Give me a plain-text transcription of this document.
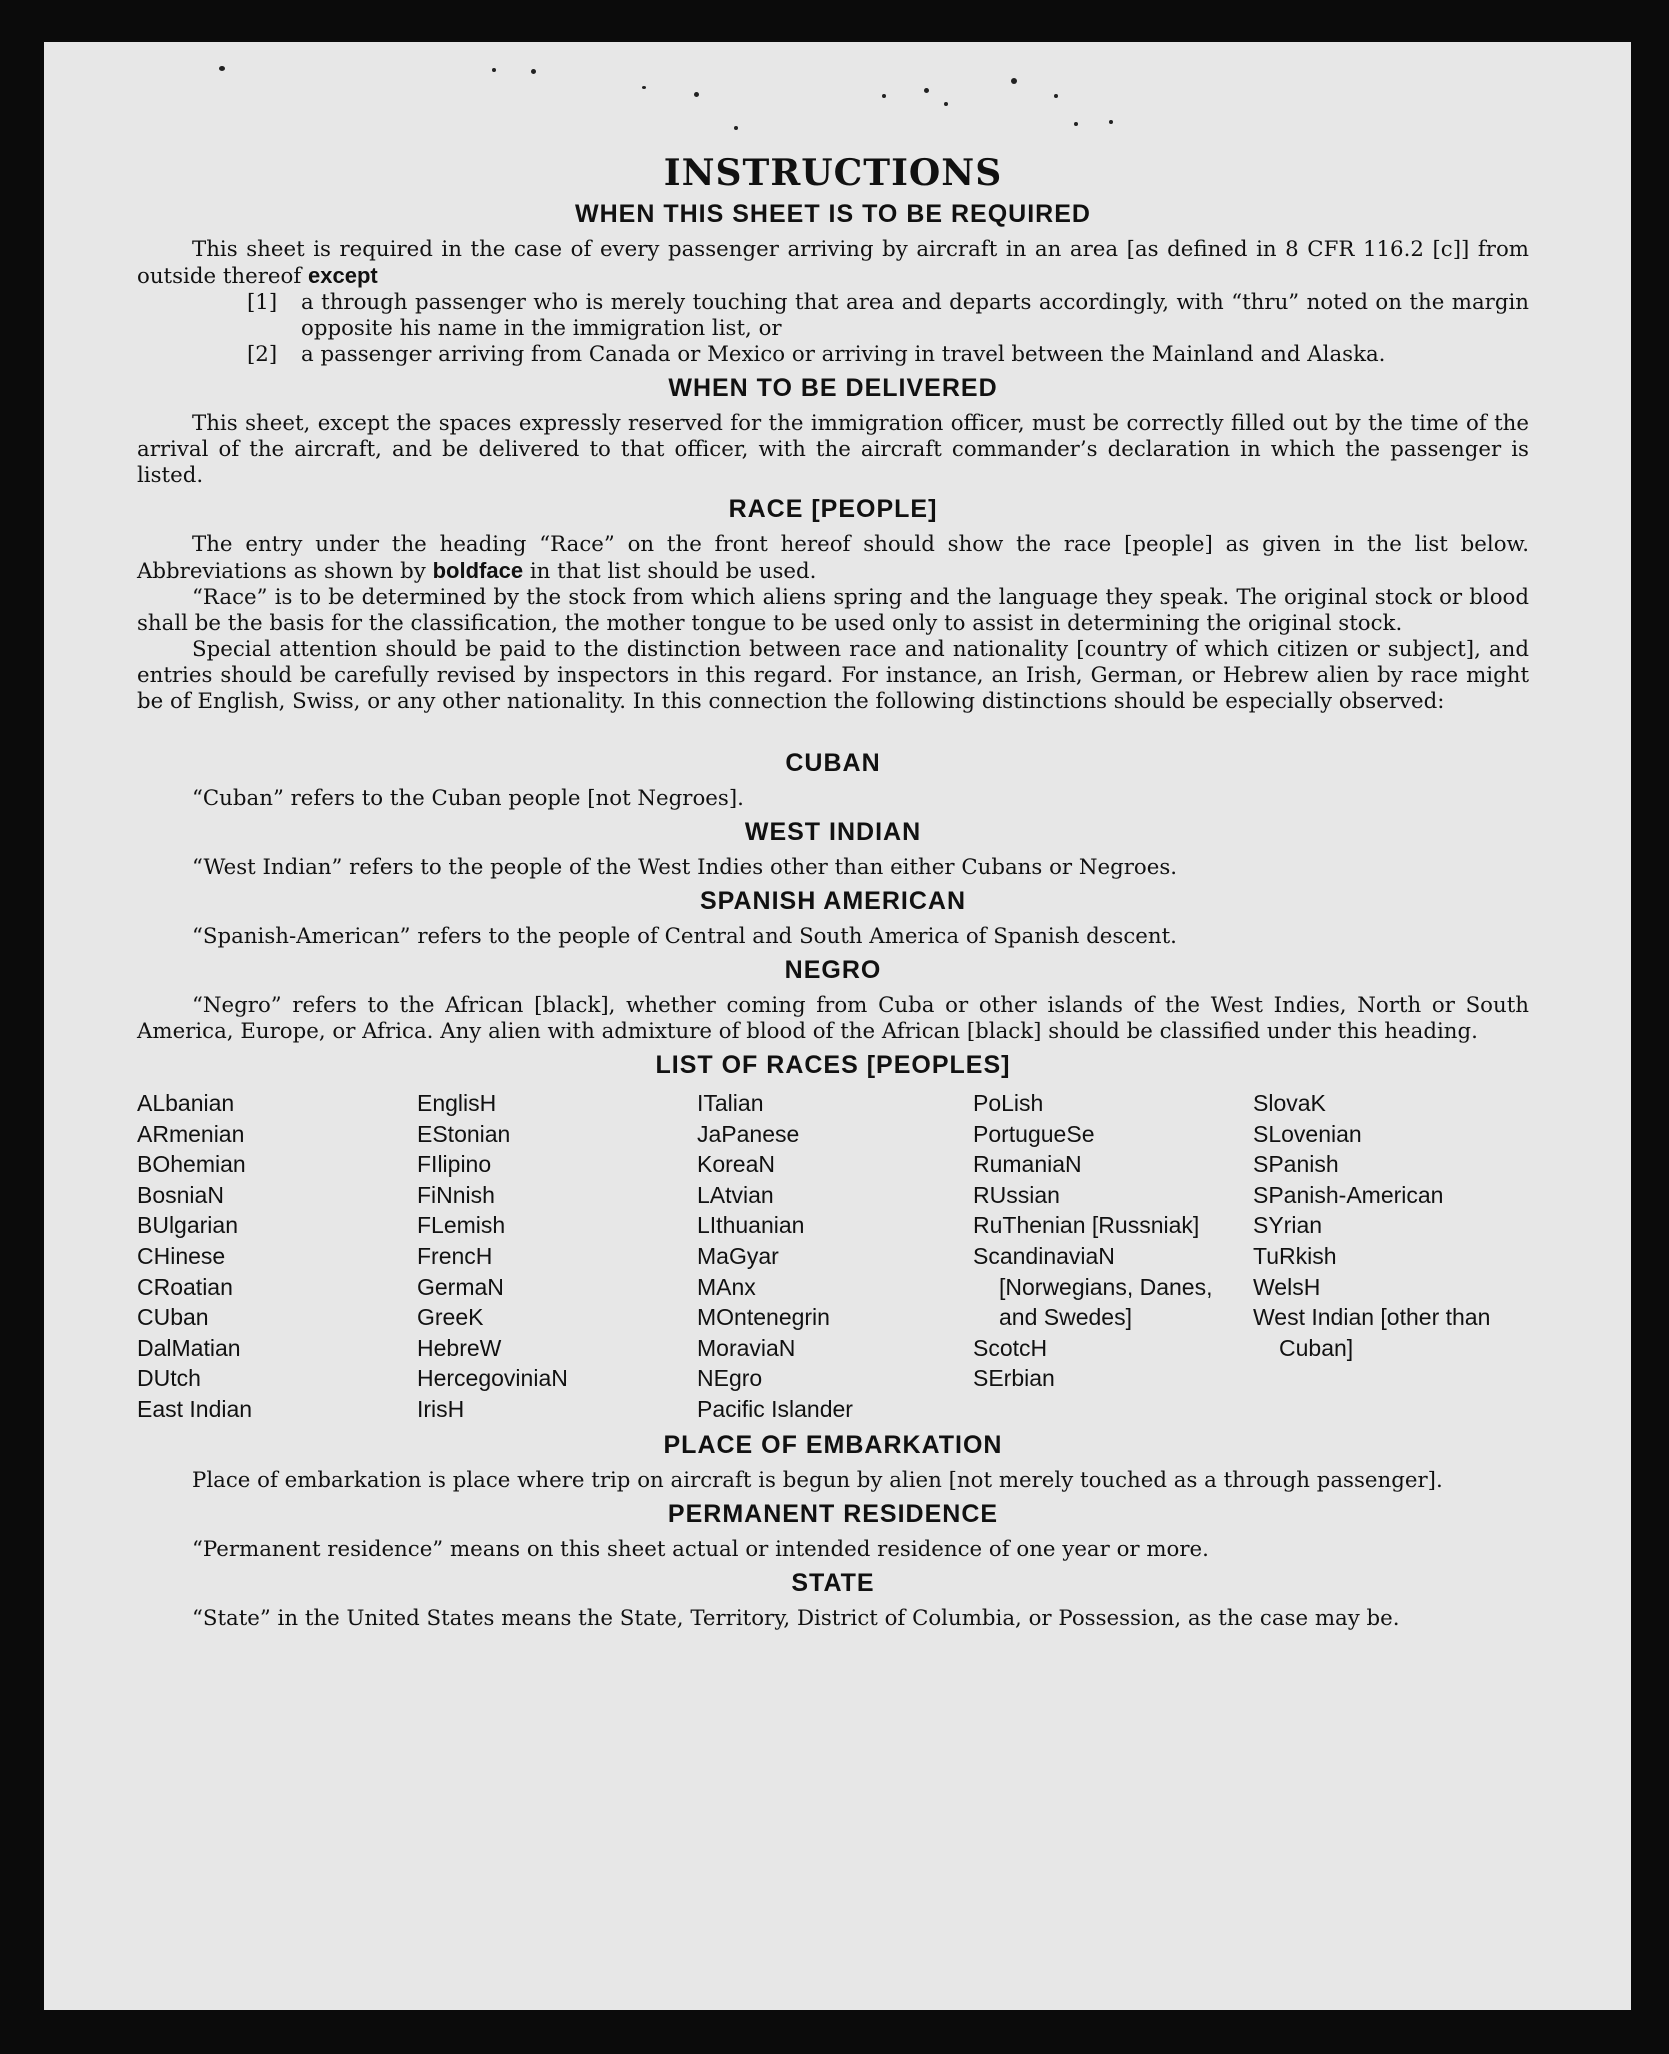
INSTRUCTIONS
WHEN THIS SHEET IS TO BE REQUIRED

This sheet is required in the case of every passenger arriving by aircraft in an area [as defined in 8 CFR 116.2 [c]] from outside thereof except

[1]	a through passenger who is merely touching that area and departs accordingly, with “thru” noted on the margin opposite his name in the immigration list, or
[2]	a passenger arriving from Canada or Mexico or arriving in travel between the Mainland and Alaska.
WHEN TO BE DELIVERED

This sheet, except the spaces expressly reserved for the immigration officer, must be correctly filled out by the time of the arrival of the aircraft, and be delivered to that officer, with the aircraft commander’s declaration in which the passenger is listed.

RACE [PEOPLE]

The entry under the heading “Race” on the front hereof should show the race [people] as given in the list below. Abbreviations as shown by boldface in that list should be used.

“Race” is to be determined by the stock from which aliens spring and the language they speak. The original stock or blood shall be the basis for the classification, the mother tongue to be used only to assist in determining the original stock.

Special attention should be paid to the distinction between race and nationality [country of which citizen or subject], and entries should be carefully revised by inspectors in this regard. For instance, an Irish, German, or Hebrew alien by race might be of English, Swiss, or any other nationality. In this connection the following distinctions should be especially observed:

CUBAN

“Cuban” refers to the Cuban people [not Negroes].

WEST INDIAN

“West Indian” refers to the people of the West Indies other than either Cubans or Negroes.

SPANISH AMERICAN

“Spanish-American” refers to the people of Central and South America of Spanish descent.

NEGRO

“Negro” refers to the African [black], whether coming from Cuba or other islands of the West Indies, North or South America, Europe, or Africa. Any alien with admixture of blood of the African [black] should be classified under this heading.

LIST OF RACES [PEOPLES]
ALbanian
ARmenian
BOhemian
BosniaN
BUlgarian
CHinese
CRoatian
CUban
DalMatian
DUtch
East Indian
EnglisH
EStonian
FIlipino
FiNnish
FLemish
FrencH
GermaN
GreeK
HebreW
HercegoviniaN
IrisH
ITalian
JaPanese
KoreaN
LAtvian
LIthuanian
MaGyar
MAnx
MOntenegrin
MoraviaN
NEgro
Pacific Islander
PoLish
PortugueSe
RumaniaN
RUssian
RuThenian [Russniak]
ScandinaviaN [Norwegians, Danes, and Swedes]
ScotcH
SErbian
SlovaK
SLovenian
SPanish
SPanish-American
SYrian
TuRkish
WelsH
West Indian [other than Cuban]
PLACE OF EMBARKATION

Place of embarkation is place where trip on aircraft is begun by alien [not merely touched as a through passenger].

PERMANENT RESIDENCE

“Permanent residence” means on this sheet actual or intended residence of one year or more.

STATE

“State” in the United States means the State, Territory, District of Columbia, or Possession, as the case may be.
